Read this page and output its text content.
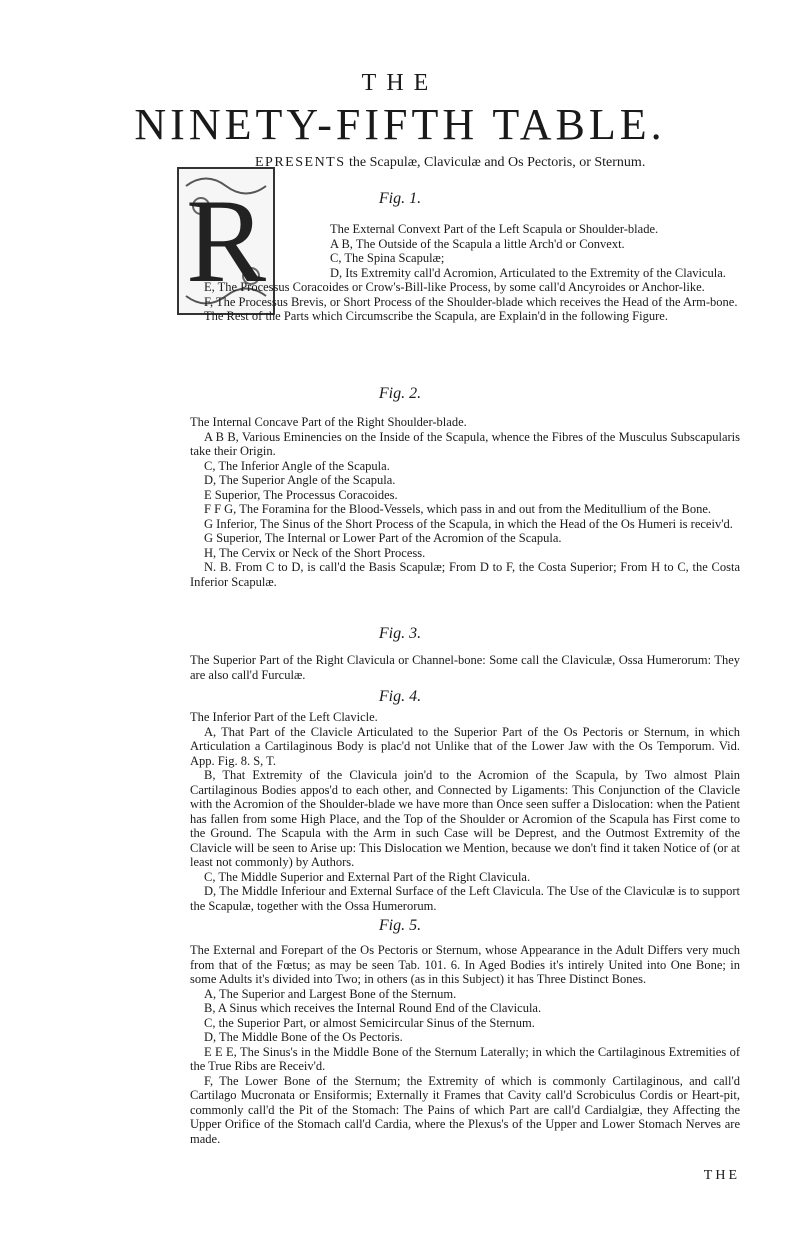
THE
NINETY-FIFTH TABLE.
R
EPRESENTS the Scapulæ, Claviculæ and Os Pectoris, or Sternum.
Fig. 1.

The External Convext Part of the Left Scapula or Shoulder-blade.

A B, The Outside of the Scapula a little Arch'd or Convext.

C, The Spina Scapulæ;

D, Its Extremity call'd Acromion, Articulated to the Extremity of the Clavicula.

E, The Processus Coracoides or Crow's-Bill-like Process, by some call'd Ancyroides or Anchor-like.

F, The Processus Brevis, or Short Process of the Shoulder-blade which receives the Head of the Arm-bone.

The Rest of the Parts which Circumscribe the Scapula, are Explain'd in the following Figure.

Fig. 2.

The Internal Concave Part of the Right Shoulder-blade.

A B B, Various Eminencies on the Inside of the Scapula, whence the Fibres of the Musculus Subscapularis take their Origin.

C, The Inferior Angle of the Scapula.

D, The Superior Angle of the Scapula.

E Superior, The Processus Coracoides.

F F G, The Foramina for the Blood-Vessels, which pass in and out from the Meditullium of the Bone.

G Inferior, The Sinus of the Short Process of the Scapula, in which the Head of the Os Humeri is receiv'd.

G Superior, The Internal or Lower Part of the Acromion of the Scapula.

H, The Cervix or Neck of the Short Process.

N. B. From C to D, is call'd the Basis Scapulæ; From D to F, the Costa Superior; From H to C, the Costa Inferior Scapulæ.

Fig. 3.

The Superior Part of the Right Clavicula or Channel-bone: Some call the Claviculæ, Ossa Humerorum: They are also call'd Furculæ.

Fig. 4.

The Inferior Part of the Left Clavicle.

A, That Part of the Clavicle Articulated to the Superior Part of the Os Pectoris or Sternum, in which Articulation a Cartilaginous Body is plac'd not Unlike that of the Lower Jaw with the Os Temporum. Vid. App. Fig. 8. S, T.

B, That Extremity of the Clavicula join'd to the Acromion of the Scapula, by Two almost Plain Cartilaginous Bodies appos'd to each other, and Connected by Ligaments: This Conjunction of the Clavicle with the Acromion of the Shoulder-blade we have more than Once seen suffer a Dislocation: when the Patient has fallen from some High Place, and the Top of the Shoulder or Acromion of the Scapula has First come to the Ground. The Scapula with the Arm in such Case will be Deprest, and the Outmost Extremity of the Clavicle will be seen to Arise up: This Dislocation we Mention, because we don't find it taken Notice of (or at least not commonly) by Authors.

C, The Middle Superior and External Part of the Right Clavicula.

D, The Middle Inferiour and External Surface of the Left Clavicula. The Use of the Claviculæ is to support the Scapulæ, together with the Ossa Humerorum.

Fig. 5.

The External and Forepart of the Os Pectoris or Sternum, whose Appearance in the Adult Differs very much from that of the Fœtus; as may be seen Tab. 101. 6. In Aged Bodies it's intirely United into One Bone; in some Adults it's divided into Two; in others (as in this Subject) it has Three Distinct Bones.

A, The Superior and Largest Bone of the Sternum.

B, A Sinus which receives the Internal Round End of the Clavicula.

C, the Superior Part, or almost Semicircular Sinus of the Sternum.

D, The Middle Bone of the Os Pectoris.

E E E, The Sinus's in the Middle Bone of the Sternum Laterally; in which the Cartilaginous Extremities of the True Ribs are Receiv'd.

F, The Lower Bone of the Sternum; the Extremity of which is commonly Cartilaginous, and call'd Cartilago Mucronata or Ensiformis; Externally it Frames that Cavity call'd Scrobiculus Cordis or Heart-pit, commonly call'd the Pit of the Stomach: The Pains of which Part are call'd Cardialgiæ, they Affecting the Upper Orifice of the Stomach call'd Cardia, where the Plexus's of the Upper and Lower Stomach Nerves are made.

THE
